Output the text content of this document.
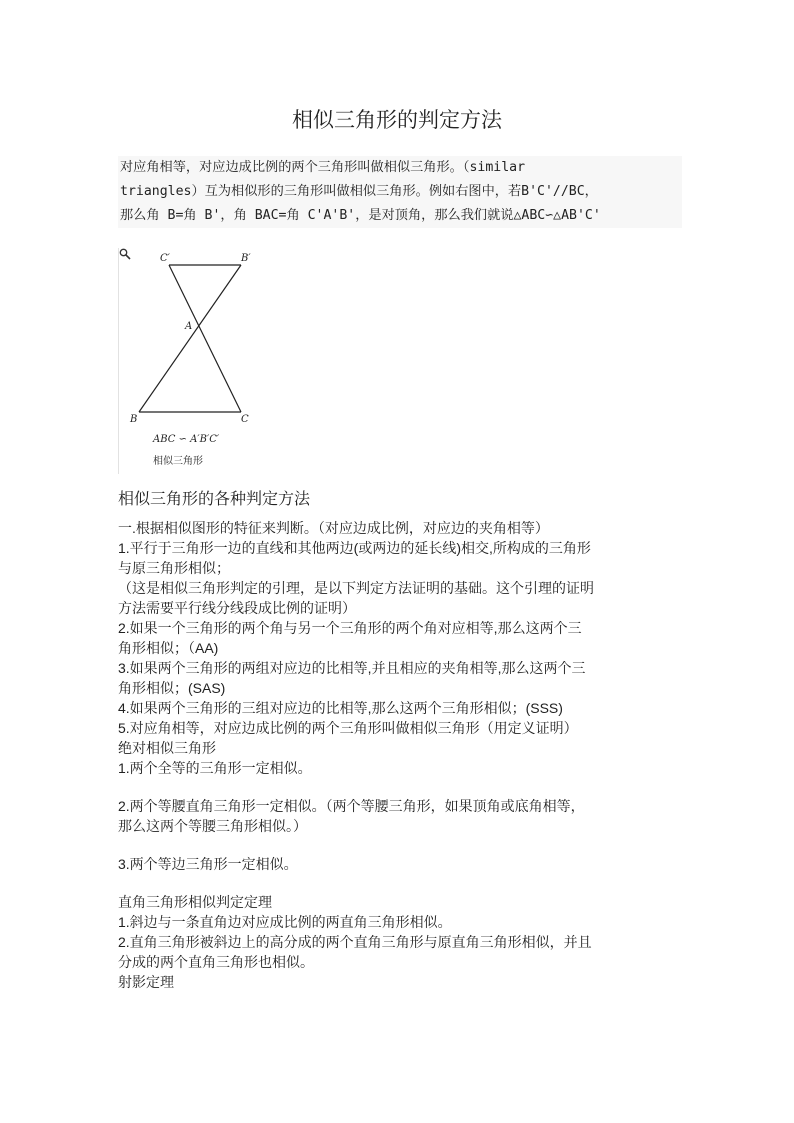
相似三角形的判定方法
对应角相等，对应边成比例的两个三角形叫做相似三角形。（similar
triangles）互为相似形的三角形叫做相似三角形。例如右图中，若B'C'//BC，
那么角 B=角 B'，角 BAC=角 C'A'B'，是对顶角，那么我们就说△ABC∽△AB'C'
C′	B′
A
B	C
ABC ∽ A′B′C′
相似三角形
相似三角形的各种判定方法
一.根据相似图形的特征来判断。（对应边成比例，对应边的夹角相等）
1.平行于三角形一边的直线和其他两边(或两边的延长线)相交,所构成的三角形
与原三角形相似；
（这是相似三角形判定的引理，是以下判定方法证明的基础。这个引理的证明
方法需要平行线分线段成比例的证明）
2.如果一个三角形的两个角与另一个三角形的两个角对应相等,那么这两个三
角形相似；（AA)
3.如果两个三角形的两组对应边的比相等,并且相应的夹角相等,那么这两个三
角形相似；(SAS)
4.如果两个三角形的三组对应边的比相等,那么这两个三角形相似；(SSS)
5.对应角相等，对应边成比例的两个三角形叫做相似三角形（用定义证明）
绝对相似三角形
1.两个全等的三角形一定相似。
2.两个等腰直角三角形一定相似。（两个等腰三角形，如果顶角或底角相等，
那么这两个等腰三角形相似。）
3.两个等边三角形一定相似。
直角三角形相似判定定理
1.斜边与一条直角边对应成比例的两直角三角形相似。
2.直角三角形被斜边上的高分成的两个直角三角形与原直角三角形相似，并且
分成的两个直角三角形也相似。
射影定理
